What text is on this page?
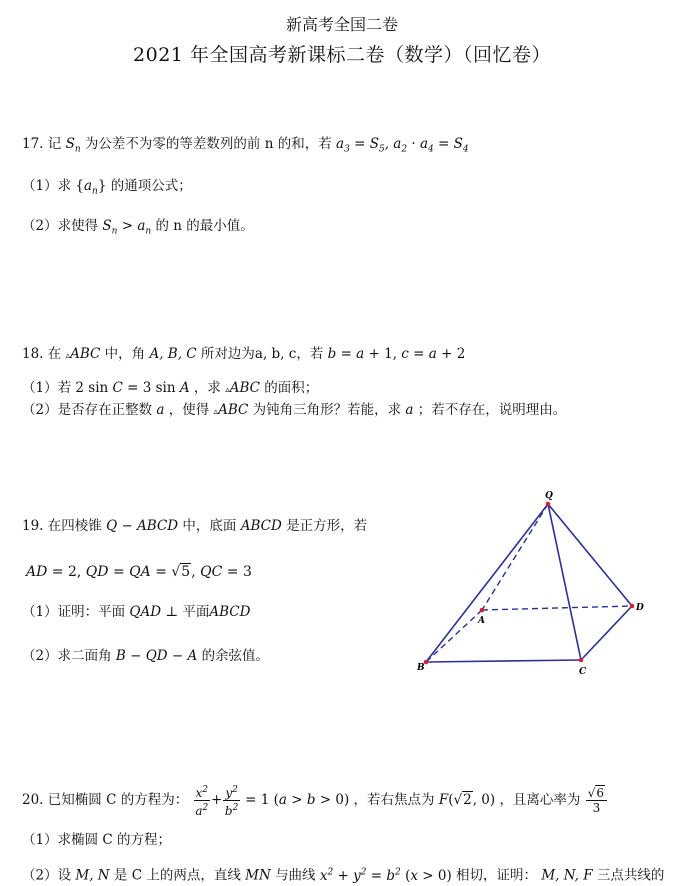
新高考全国二卷
2021 年全国高考新课标二卷（数学）（回忆卷）
17. 记 $S_n$ 为公差不为零的等差数列的前 n 的和，若 $a_3 = S_5$, $a_2 \cdot a_4 = S_4$
（1）求 $\{a_n\}$ 的通项公式；
（2）求使得 $S_n > a_n$ 的 n 的最小值。
18. 在 ▵ABC 中，角 A, B, C 所对边为a, b, c，若 b = a + 1, c = a + 2
（1）若 2 sin C = 3 sin A ，求 ▵ABC 的面积；
（2）是否存在正整数 a ，使得 ▵ABC 为钝角三角形？若能，求 a ；若不存在，说明理由。
19. 在四棱锥 Q − ABCD 中，底面 ABCD 是正方形，若
AD = 2, QD = QA = √5, QC = 3
（1）证明：平面 QAD ⊥ 平面ABCD
（2）求二面角 B − QD − A 的余弦值。
Q
A
B	C
D
20. 已知椭圆 C 的方程为： $\frac{x^2}{a^2} + \frac{y^2}{b^2} = 1$ (a > b > 0) ，若右焦点为 F(√2, 0) ，且离心率为 $\frac{√6}{3}$
（1）求椭圆 C 的方程；
（2）设 M, N 是 C 上的两点，直线 MN 与曲线 $x^2 + y^2 = b^2$ (x > 0) 相切，证明： M, N, F 三点共线的
